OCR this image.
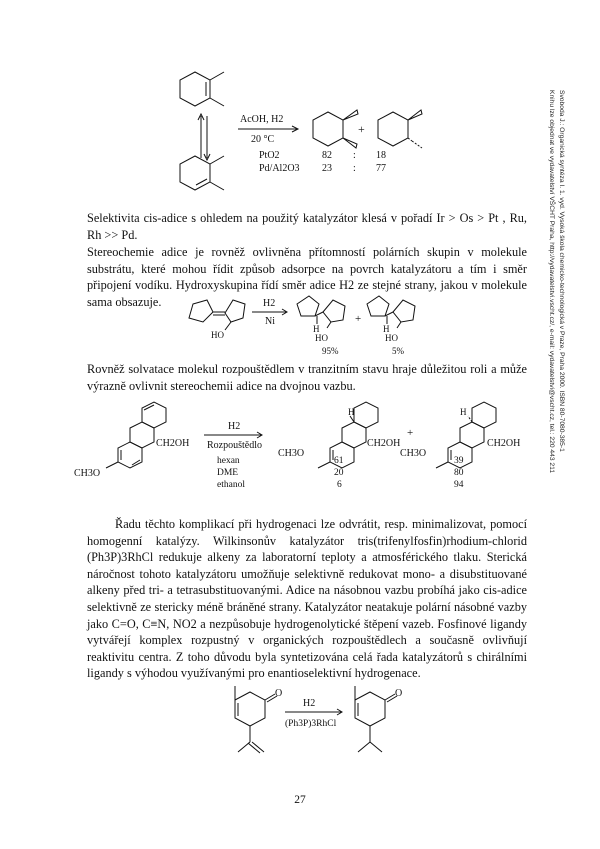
Svoboda J.: Organická syntéza I. 1. vyd. Vysoká škola chemicko-technologická v Praze, Praha 2000. ISBN 80-7080-385-1
Knihu lze objednat ve vydavatelství VŠCHT Praha, http://vydavatelstvi.vscht.cz/, e-mail: vydavatelstvi@vscht.cz, tel.: 220 443 211
AcOH, H2
20 °C
+
PtO2	82 : 18
Pd/Al2O3 23 : 77
Selektivita cis-adice s ohledem na použitý katalyzátor klesá v pořadí Ir > Os > Pt , Ru, Rh >> Pd.
Stereochemie adice je rovněž ovlivněna přítomností polárních skupin v molekule substrátu, které mohou řídit způsob adsorpce na povrch katalyzátoru a tím i směr připojení vodíku. Hydroxyskupina řídí směr adice H2 ze stejné strany, jakou v molekule sama obsazuje.
HO
H2
Ni
H
HO
95%
+
H
HO
5%
Rovněž solvatace molekul rozpouštědlem v tranzitním stavu hraje důležitou roli a může výrazně ovlivnit stereochemii adice na dvojnou vazbu.
CH2OH
CH3O
H2
Rozpouštědlo
H
CH2OH
CH3O
+
H
CH2OH
CH3O
hexan	61	39
DME	20	80
ethanol	6	94
Řadu těchto komplikací při hydrogenaci lze odvrátit, resp. minimalizovat, pomocí homogenní katalýzy. Wilkinsonův katalyzátor tris(trifenylfosfin)rhodium-chlorid (Ph3P)3RhCl redukuje alkeny za laboratorní teploty a atmosférického tlaku. Sterická náročnost tohoto katalyzátoru umožňuje selektivně redukovat mono- a disubstituované alkeny před tri- a tetrasubstituovanými. Adice na násobnou vazbu probíhá jako cis-adice selektivně ze stericky méně bráněné strany. Katalyzátor neatakuje polární násobné vazby jako C=O, C≡N, NO2 a nezpůsobuje hydrogenolytické štěpení vazeb. Fosfinové ligandy vytvářejí komplex rozpustný v organických rozpouštědlech a současně ovlivňují reaktivitu centra. Z toho důvodu byla syntetizována celá řada katalyzátorů s chirálními ligandy s výhodou využívanými pro enantioselektivní hydrogenace.
O
H2
(Ph3P)3RhCl
O
27
